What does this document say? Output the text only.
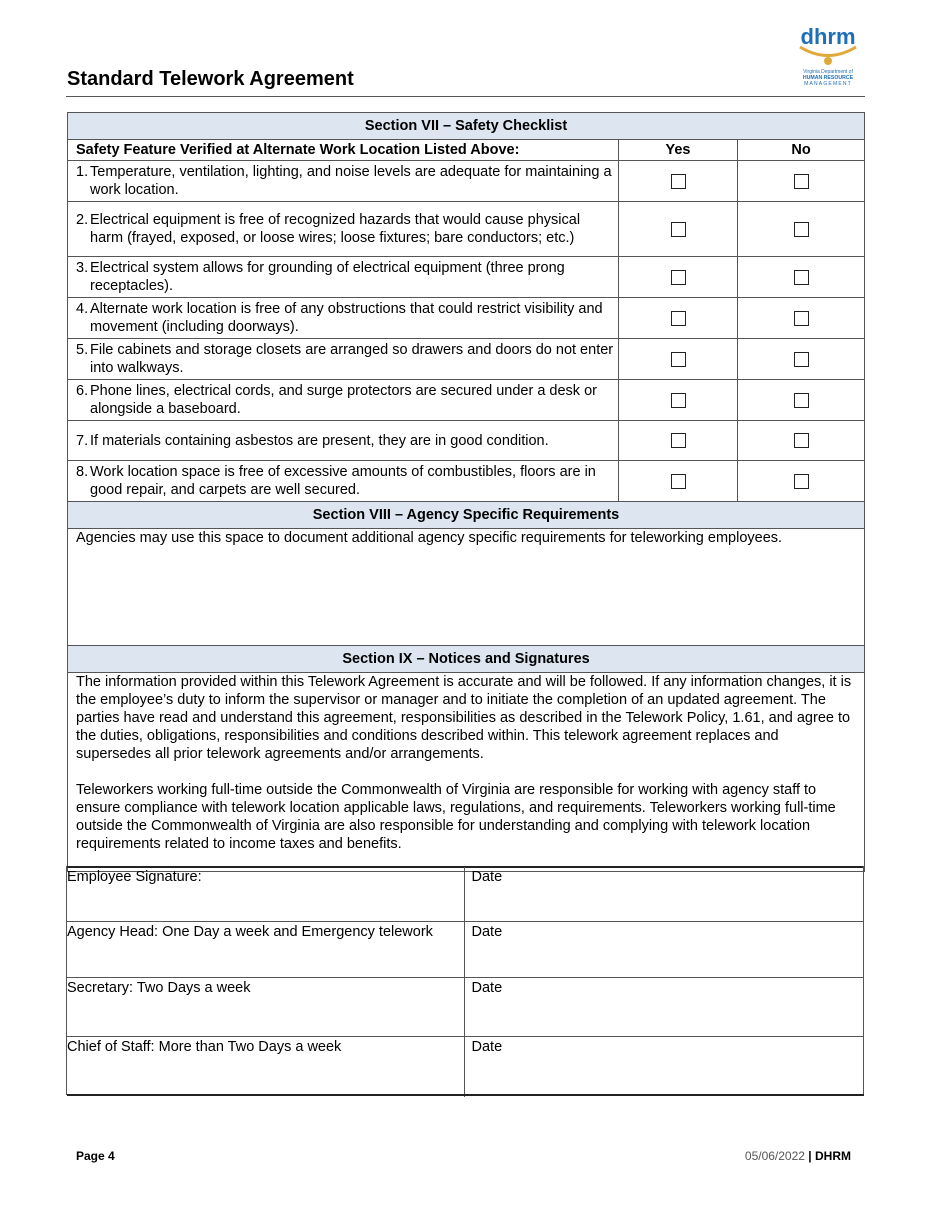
Standard Telework Agreement
dhrm
Virginia Department of
HUMAN RESOURCE
MANAGEMENT
Section VII – Safety Checklist		
Safety Feature Verified at Alternate Work Location Listed Above:	Yes	No

1. Temperature, ventilation, lighting, and noise levels are adequate for maintaining a work location.		

2. Electrical equipment is free of recognized hazards that would cause physical harm (frayed, exposed, or loose wires; loose fixtures; bare conductors; etc.)		

3. Electrical system allows for grounding of electrical equipment (three prong receptacles).		

4. Alternate work location is free of any obstructions that could restrict visibility and movement (including doorways).		

5. File cabinets and storage closets are arranged so drawers and doors do not enter into walkways.		

6. Phone lines, electrical cords, and surge protectors are secured under a desk or alongside a baseboard.		

7. If materials containing asbestos are present, they are in good condition.		

8. Work location space is free of excessive amounts of combustibles, floors are in good repair, and carpets are well secured.		

Section VIII – Agency Specific Requirements		

Agencies may use this space to document additional agency specific requirements for teleworking employees.		

Section IX – Notices and Signatures		

The information provided within this Telework Agreement is accurate and will be followed. If any information changes, it is the employee’s duty to inform the supervisor or manager and to initiate the completion of an updated agreement. The parties have read and understand this agreement, responsibilities as described in the Telework Policy, 1.61, and agree to the duties, obligations, responsibilities and conditions described within. This telework agreement replaces and supersedes all prior telework agreements and/or arrangements.

Teleworkers working full-time outside the Commonwealth of Virginia are responsible for working with agency staff to ensure compliance with telework location applicable laws, regulations, and requirements. Teleworkers working full-time outside the Commonwealth of Virginia are also responsible for understanding and complying with telework location requirements related to income taxes and benefits.		

Employee Signature:	Date
Agency Head: One Day a week and Emergency telework	Date
Secretary: Two Days a week	Date
Chief of Staff: More than Two Days a week	Date
Page 4	05/06/2022 | DHRM
